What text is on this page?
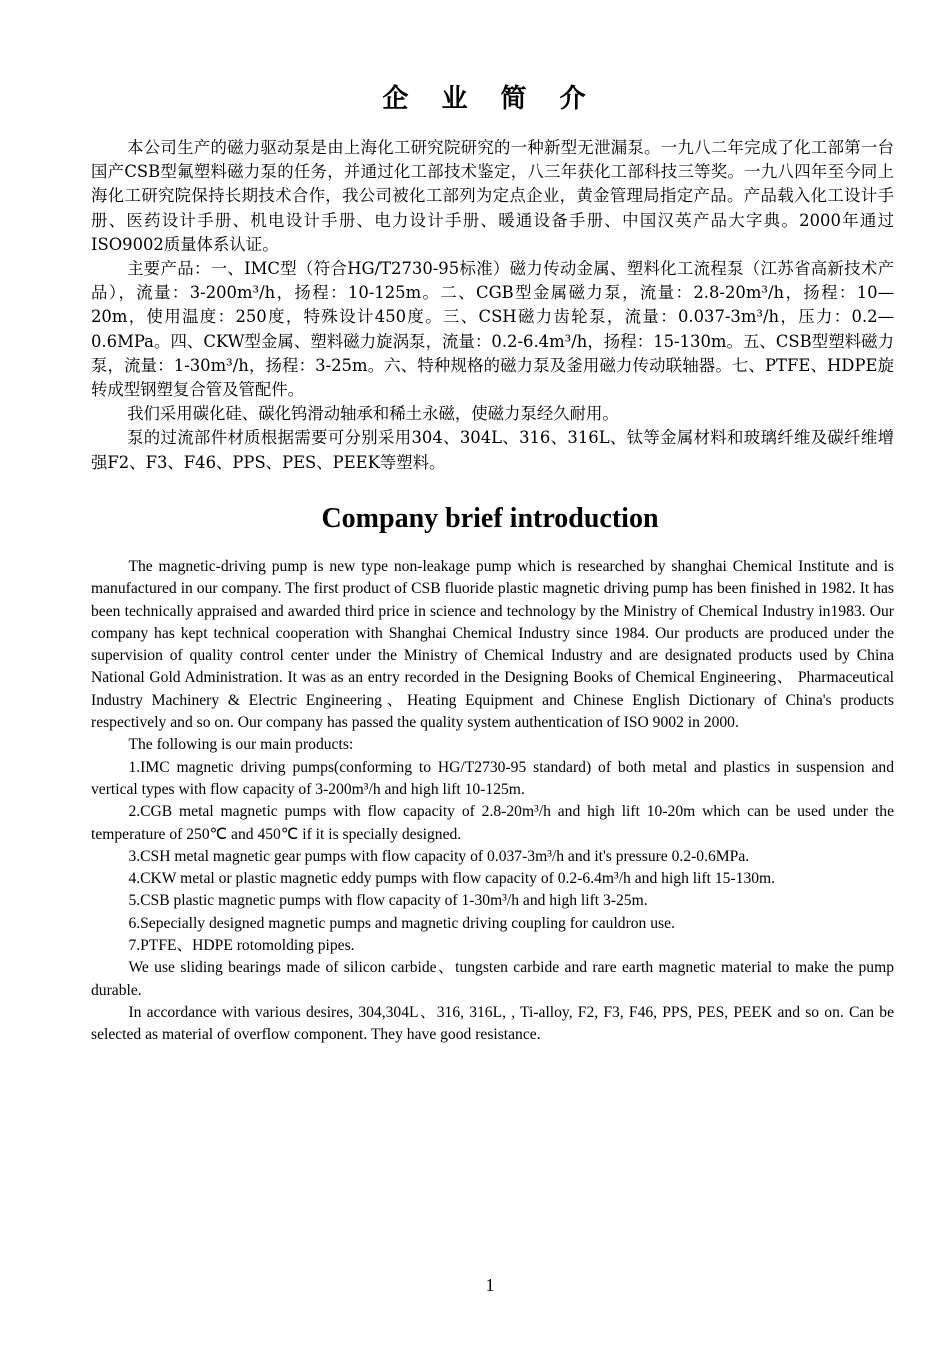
企 业 简 介

本公司生产的磁力驱动泵是由上海化工研究院研究的一种新型无泄漏泵。一九八二年完成了化工部第一台国产CSB型氟塑料磁力泵的任务，并通过化工部技术鉴定，八三年获化工部科技三等奖。一九八四年至今同上海化工研究院保持长期技术合作，我公司被化工部列为定点企业，黄金管理局指定产品。产品载入化工设计手册、医药设计手册、机电设计手册、电力设计手册、暖通设备手册、中国汉英产品大字典。2000年通过ISO9002质量体系认证。

主要产品：一、IMC型（符合HG/T2730-95标准）磁力传动金属、塑料化工流程泵（江苏省高新技术产品），流量：3-200m³/h，扬程：10-125m。二、CGB型金属磁力泵，流量：2.8-20m³/h，扬程：10—20m，使用温度：250度，特殊设计450度。三、CSH磁力齿轮泵，流量：0.037-3m³/h，压力：0.2—0.6MPa。四、CKW型金属、塑料磁力旋涡泵，流量：0.2-6.4m³/h，扬程：15-130m。五、CSB型塑料磁力泵，流量：1-30m³/h，扬程：3-25m。六、特种规格的磁力泵及釜用磁力传动联轴器。七、PTFE、HDPE旋转成型钢塑复合管及管配件。

我们采用碳化硅、碳化钨滑动轴承和稀土永磁，使磁力泵经久耐用。

泵的过流部件材质根据需要可分别采用304、304L、316、316L、钛等金属材料和玻璃纤维及碳纤维增强F2、F3、F46、PPS、PES、PEEK等塑料。

Company brief introduction

The magnetic-driving pump is new type non-leakage pump which is researched by shanghai Chemical Institute and is manufactured in our company. The first product of CSB fluoride plastic magnetic driving pump has been finished in 1982. It has been technically appraised and awarded third price in science and technology by the Ministry of Chemical Industry in1983. Our company has kept technical cooperation with Shanghai Chemical Industry since 1984. Our products are produced under the supervision of quality control center under the Ministry of Chemical Industry and are designated products used by China National Gold Administration. It was as an entry recorded in the Designing Books of Chemical Engineering、 Pharmaceutical Industry Machinery & Electric Engineering、Heating Equipment and Chinese English Dictionary of China's products respectively and so on. Our company has passed the quality system authentication of ISO 9002 in 2000.

The following is our main products:

1.IMC magnetic driving pumps(conforming to HG/T2730-95 standard) of both metal and plastics in suspension and vertical types with flow capacity of 3-200m³/h and high lift 10-125m.

2.CGB metal magnetic pumps with flow capacity of 2.8-20m³/h and high lift 10-20m which can be used under the temperature of 250℃ and 450℃ if it is specially designed.

3.CSH metal magnetic gear pumps with flow capacity of 0.037-3m³/h and it's pressure 0.2-0.6MPa.

4.CKW metal or plastic magnetic eddy pumps with flow capacity of 0.2-6.4m³/h and high lift 15-130m.

5.CSB plastic magnetic pumps with flow capacity of 1-30m³/h and high lift 3-25m.

6.Sepecially designed magnetic pumps and magnetic driving coupling for cauldron use.

7.PTFE、HDPE rotomolding pipes.

We use sliding bearings made of silicon carbide、tungsten carbide and rare earth magnetic material to make the pump durable.

In accordance with various desires, 304,304L、316, 316L, , Ti-alloy, F2, F3, F46, PPS, PES, PEEK and so on. Can be selected as material of overflow component. They have good resistance.

1
